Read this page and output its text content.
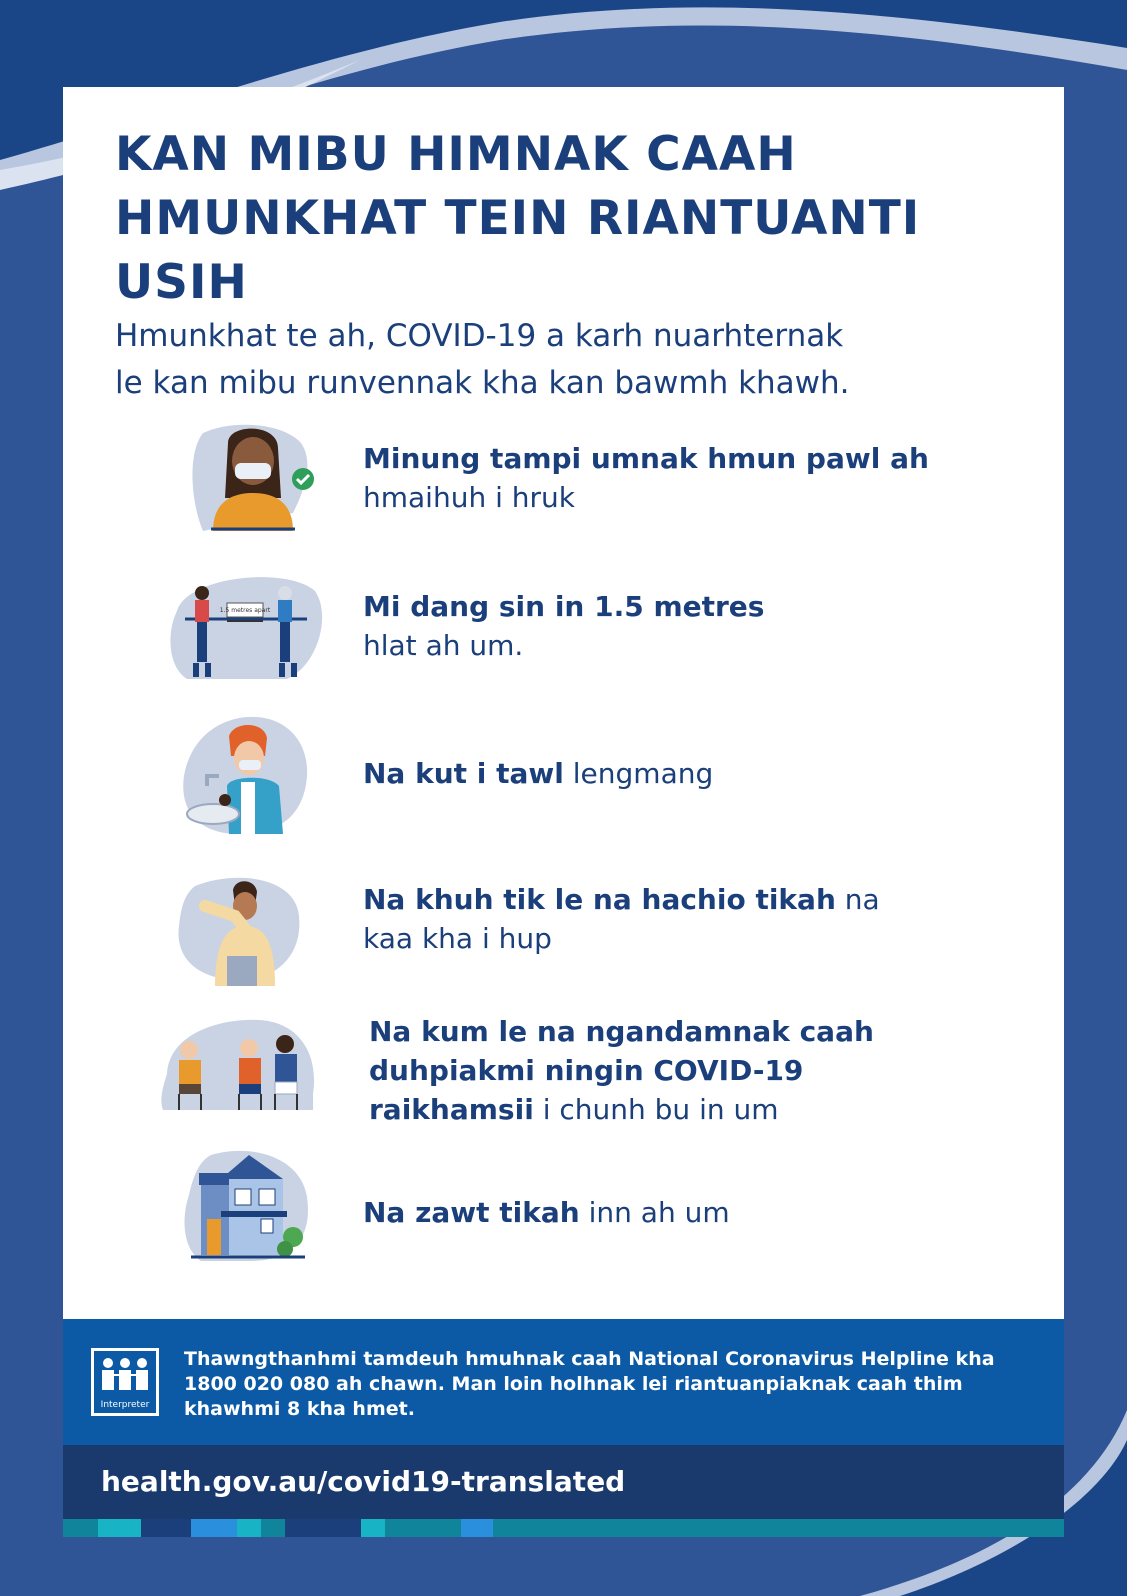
KAN MIBU HIMNAK CAAH
HMUNKHAT TEIN RIANTUANTI
USIH

Hmunkhat te ah, COVID-19 a karh nuarhternak
le kan mibu runvennak kha kan bawmh khawh.

Minung tampi umnak hmun pawl ah
hmaihuh i hruk
1.5 metres apart	Mi dang sin in 1.5 metres
hlat ah um.
Na kut i tawl lengmang
Na khuh tik le na hachio tikah na kaa kha i hup
Na kum le na ngandamnak caah duhpiakmi ningin COVID-19 raikhamsii i chunh bu in um
Na zawt tikah inn ah um
Interpreter

Thawngthanhmi tamdeuh hmuhnak caah National Coronavirus Helpline kha 1800 020 080 ah chawn. Man loin holhnak lei riantuanpiaknak caah thim khawhmi 8 kha hmet.

health.gov.au/covid19-translated
